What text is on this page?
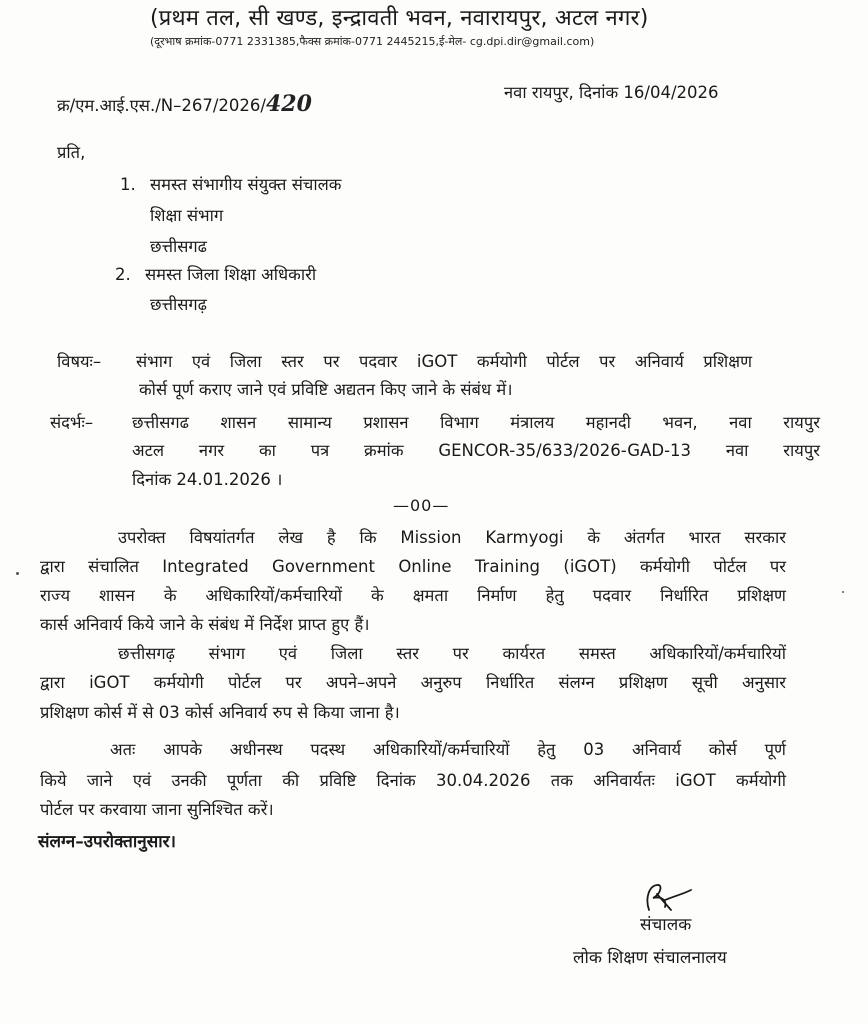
(प्रथम तल, सी खण्ड, इन्द्रावती भवन, नवारायपुर, अटल नगर)
(दूरभाष क्रमांक-0771 2331385,फैक्स क्रमांक-0771 2445215,ई-मेल- cg.dpi.dir@gmail.com)
क्र/एम.आई.एस./N–267/2026/420	नवा रायपुर, दिनांक 16/04/2026
प्रति,
1. समस्त संभागीय संयुक्त संचालक
शिक्षा संभाग
छत्तीसगढ
2. समस्त जिला शिक्षा अधिकारी
छत्तीसगढ़
विषयः– संभाग एवं जिला स्तर पर पदवार iGOT कर्मयोगी पोर्टल पर अनिवार्य प्रशिक्षण
कोर्स पूर्ण कराए जाने एवं प्रविष्टि अद्यतन किए जाने के संबंध में।
संदर्भः– छत्तीसगढ शासन सामान्य प्रशासन विभाग मंत्रालय महानदी भवन, नवा रायपुर
अटल नगर का पत्र क्रमांक GENCOR-35/633/2026-GAD-13 नवा रायपुर
दिनांक 24.01.2026 ।
—00—
उपरोक्त विषयांतर्गत लेख है कि Mission Karmyogi के अंतर्गत भारत सरकार
द्वारा संचालित Integrated Government Online Training (iGOT) कर्मयोगी पोर्टल पर
राज्य शासन के अधिकारियों/कर्मचारियों के क्षमता निर्माण हेतु पदवार निर्धारित प्रशिक्षण
कार्स अनिवार्य किये जाने के संबंध में निर्देश प्राप्त हुए हैं।
छत्तीसगढ़ संभाग एवं जिला स्तर पर कार्यरत समस्त अधिकारियों/कर्मचारियों
द्वारा iGOT कर्मयोगी पोर्टल पर अपने–अपने अनुरुप निर्धारित संलग्न प्रशिक्षण सूची अनुसार
प्रशिक्षण कोर्स में से 03 कोर्स अनिवार्य रुप से किया जाना है।
अतः आपके अधीनस्थ पदस्थ अधिकारियों/कर्मचारियों हेतु 03 अनिवार्य कोर्स पूर्ण
किये जाने एवं उनकी पूर्णता की प्रविष्टि दिनांक 30.04.2026 तक अनिवार्यतः iGOT कर्मयोगी
पोर्टल पर करवाया जाना सुनिश्चित करें।
संलग्न–उपरोक्तानुसार।
संचालक
लोक शिक्षण संचालनालय
